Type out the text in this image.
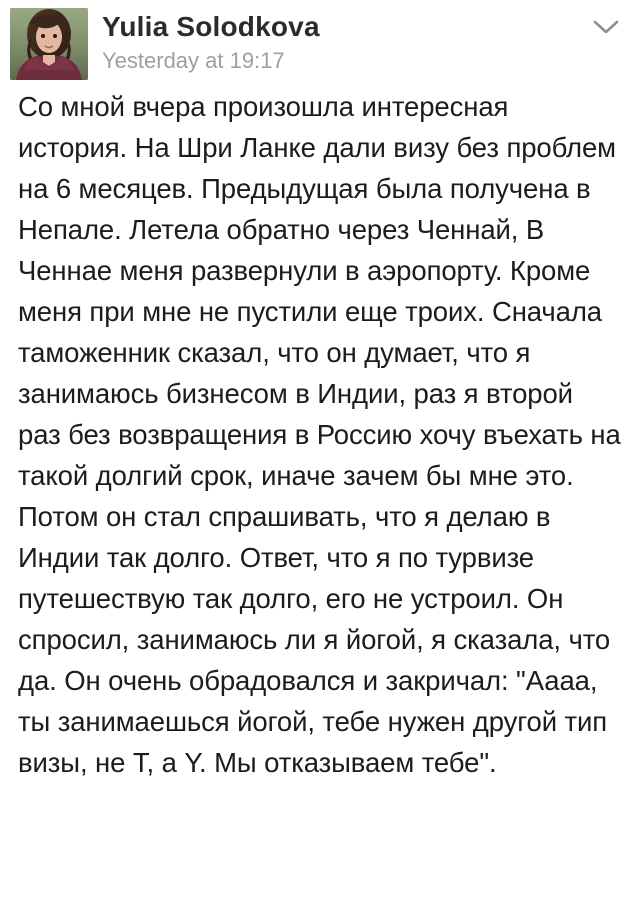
Yulia Solodkova
Yesterday at 19:17

Со мной вчера произошла интересная история. На Шри Ланке дали визу без проблем на 6 месяцев. Предыдущая была получена в Непале. Летела обратно через Ченнай, В Ченнае меня развернули в аэропорту. Кроме меня при мне не пустили еще троих. Сначала таможенник сказал, что он думает, что я занимаюсь бизнесом в Индии, раз я второй раз без возвращения в Россию хочу въехать на такой долгий срок, иначе зачем бы мне это. Потом он стал спрашивать, что я делаю в Индии так долго. Ответ, что я по турвизе путешествую так долго, его не устроил. Он спросил, занимаюсь ли я йогой, я сказала, что да. Он очень обрадовался и закричал: "Аааа, ты занимаешься йогой, тебе нужен другой тип визы, не T, а Y. Мы отказываем тебе".
